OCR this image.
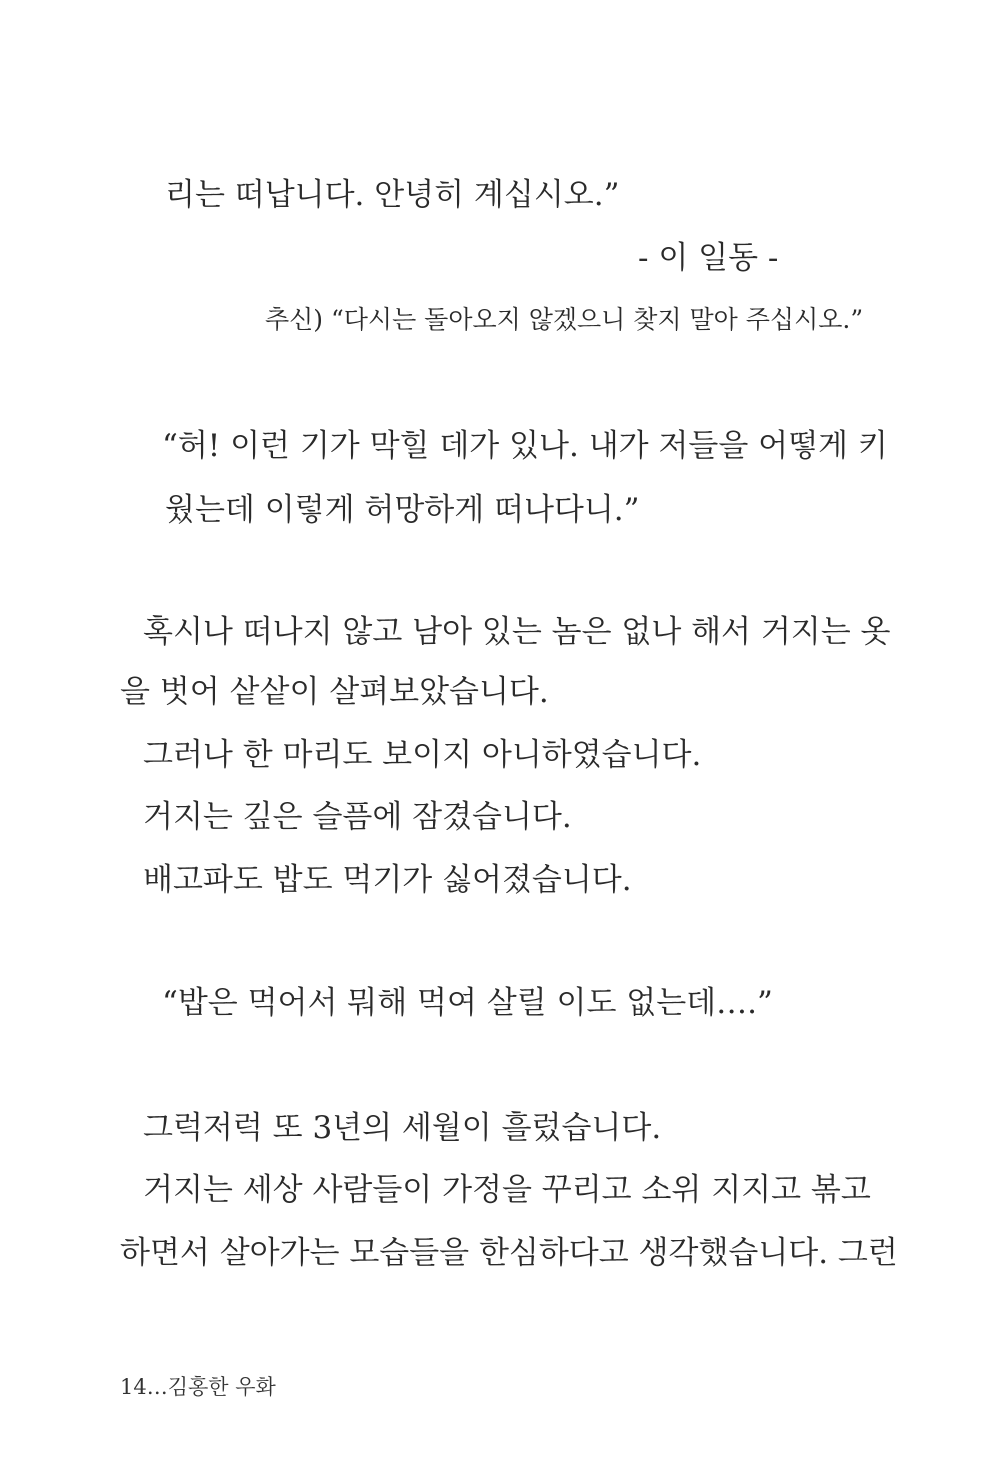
리는 떠납니다. 안녕히 계십시오.”
- 이 일동 -
추신) “다시는 돌아오지 않겠으니 찾지 말아 주십시오.”
“허! 이런 기가 막힐 데가 있나. 내가 저들을 어떻게 키
웠는데 이렇게 허망하게 떠나다니.”
혹시나 떠나지 않고 남아 있는 놈은 없나 해서 거지는 옷
을 벗어 샅샅이 살펴보았습니다.
그러나 한 마리도 보이지 아니하였습니다.
거지는 깊은 슬픔에 잠겼습니다.
배고파도 밥도 먹기가 싫어졌습니다.
“밥은 먹어서 뭐해 먹여 살릴 이도 없는데….”
그럭저럭 또 3년의 세월이 흘렀습니다.
거지는 세상 사람들이 가정을 꾸리고 소위 지지고 볶고
하면서 살아가는 모습들을 한심하다고 생각했습니다. 그런
14…김홍한 우화
